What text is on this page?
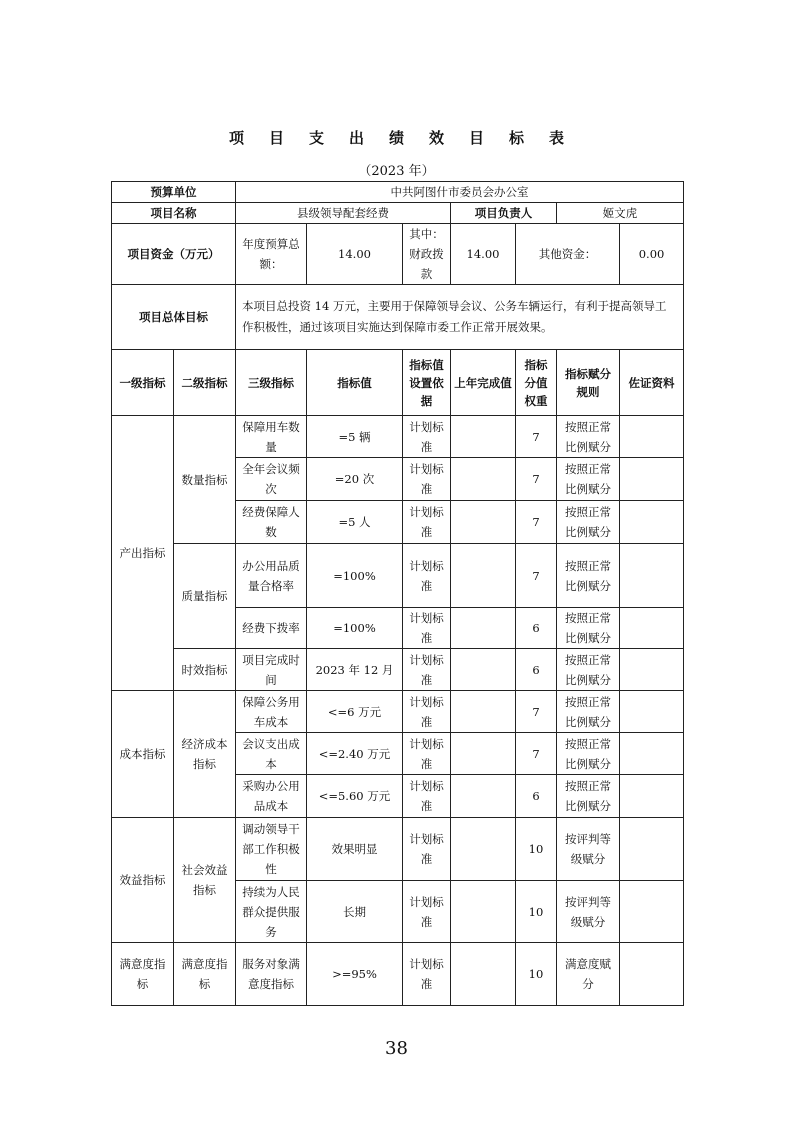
项目支出绩效目标表
（2023 年）
预算单位		中共阿图什市委员会办公室						
项目名称		县级领导配套经费			项目负责人		姬文虎	
项目资金（万元）		年度预算总额：	14.00	其中：财政拨款	14.00	其他资金：		0.00
项目总体目标		本项目总投资 14 万元，主要用于保障领导会议、公务车辆运行，有利于提高领导工作积极性，通过该项目实施达到保障市委工作正常开展效果。						
一级指标	二级指标	三级指标	指标值	指标值设置依据	上年完成值	指标分值权重	指标赋分规则	佐证资料
产出指标	数量指标	保障用车数量	=5 辆	计划标准		7	按照正常比例赋分	
		全年会议频次	=20 次	计划标准		7	按照正常比例赋分	
		经费保障人数	=5 人	计划标准		7	按照正常比例赋分	
	质量指标	办公用品质量合格率	=100%	计划标准		7	按照正常比例赋分	
		经费下拨率	=100%	计划标准		6	按照正常比例赋分	
	时效指标	项目完成时间	2023 年 12 月	计划标准		6	按照正常比例赋分	
成本指标	经济成本指标	保障公务用车成本	<=6 万元	计划标准		7	按照正常比例赋分	
		会议支出成本	<=2.40 万元	计划标准		7	按照正常比例赋分	
		采购办公用品成本	<=5.60 万元	计划标准		6	按照正常比例赋分	
效益指标	社会效益指标	调动领导干部工作积极性	效果明显	计划标准		10	按评判等级赋分	
		持续为人民群众提供服务	长期	计划标准		10	按评判等级赋分	
满意度指标	满意度指标	服务对象满意度指标	>=95%	计划标准		10	满意度赋分	
38
